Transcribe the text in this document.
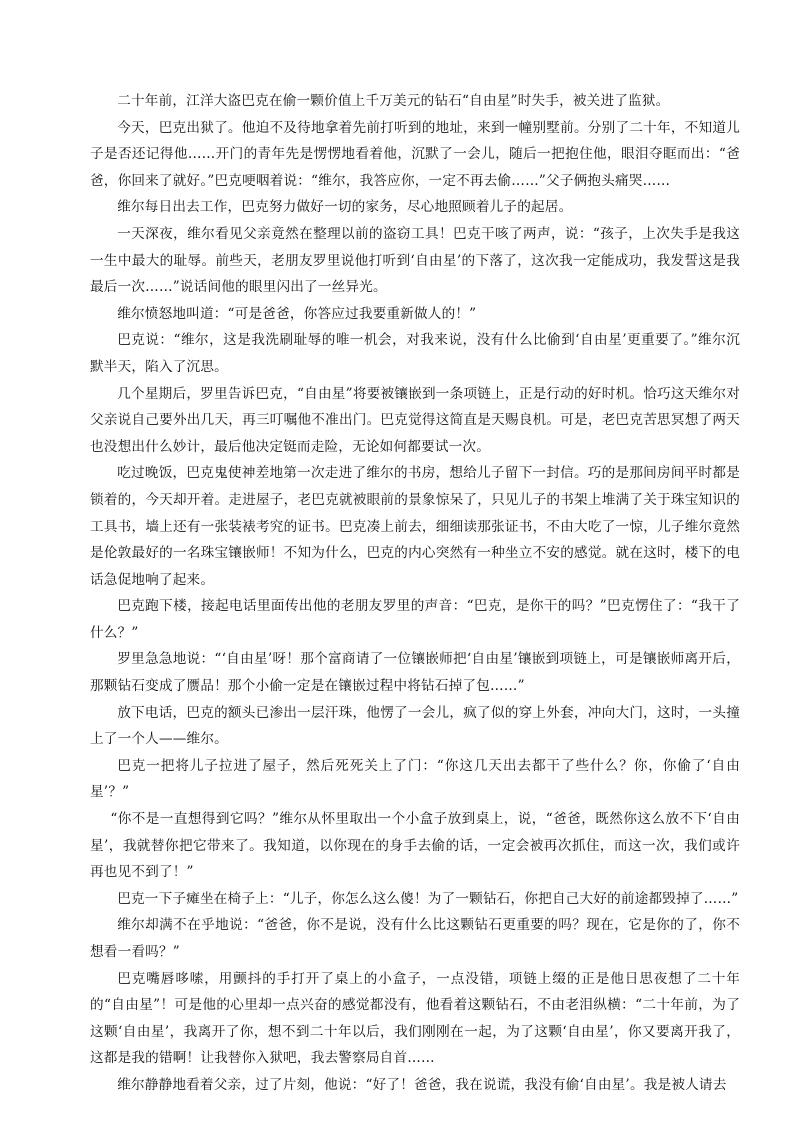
二十年前，江洋大盗巴克在偷一颗价值上千万美元的钻石“自由星”时失手，被关进了监狱。

今天，巴克出狱了。他迫不及待地拿着先前打听到的地址，来到一幢别墅前。分别了二十年，不知道儿子是否还记得他……开门的青年先是愣愣地看着他，沉默了一会儿，随后一把抱住他，眼泪夺眶而出：“爸爸，你回来了就好。”巴克哽咽着说：“维尔，我答应你，一定不再去偷……”父子俩抱头痛哭……

维尔每日出去工作，巴克努力做好一切的家务，尽心地照顾着儿子的起居。

一天深夜，维尔看见父亲竟然在整理以前的盗窃工具！巴克干咳了两声，说：“孩子，上次失手是我这一生中最大的耻辱。前些天，老朋友罗里说他打听到‘自由星’的下落了，这次我一定能成功，我发誓这是我最后一次……”说话间他的眼里闪出了一丝异光。

维尔愤怒地叫道：“可是爸爸，你答应过我要重新做人的！”

巴克说：“维尔，这是我洗刷耻辱的唯一机会，对我来说，没有什么比偷到‘自由星’更重要了。”维尔沉默半天，陷入了沉思。

几个星期后，罗里告诉巴克，“自由星”将要被镶嵌到一条项链上，正是行动的好时机。恰巧这天维尔对父亲说自己要外出几天，再三叮嘱他不准出门。巴克觉得这简直是天赐良机。可是，老巴克苦思冥想了两天也没想出什么妙计，最后他决定铤而走险，无论如何都要试一次。

吃过晚饭，巴克鬼使神差地第一次走进了维尔的书房，想给儿子留下一封信。巧的是那间房间平时都是锁着的，今天却开着。走进屋子，老巴克就被眼前的景象惊呆了，只见儿子的书架上堆满了关于珠宝知识的工具书，墙上还有一张装裱考究的证书。巴克凑上前去，细细读那张证书，不由大吃了一惊，儿子维尔竟然是伦敦最好的一名珠宝镶嵌师！不知为什么，巴克的内心突然有一种坐立不安的感觉。就在这时，楼下的电话急促地响了起来。

巴克跑下楼，接起电话里面传出他的老朋友罗里的声音：“巴克，是你干的吗？”巴克愣住了：“我干了什么？”

罗里急急地说：“‘自由星’呀！那个富商请了一位镶嵌师把‘自由星’镶嵌到项链上，可是镶嵌师离开后，那颗钻石变成了赝品！那个小偷一定是在镶嵌过程中将钻石掉了包……”

放下电话，巴克的额头已渗出一层汗珠，他愣了一会儿，疯了似的穿上外套，冲向大门，这时，一头撞上了一个人——维尔。

巴克一把将儿子拉进了屋子，然后死死关上了门：“你这几天出去都干了些什么？你，你偷了‘自由星’？”

“你不是一直想得到它吗？”维尔从怀里取出一个小盒子放到桌上，说，“爸爸，既然你这么放不下‘自由星’，我就替你把它带来了。我知道，以你现在的身手去偷的话，一定会被再次抓住，而这一次，我们或许再也见不到了！”

巴克一下子瘫坐在椅子上：“儿子，你怎么这么傻！为了一颗钻石，你把自己大好的前途都毁掉了……”

维尔却满不在乎地说：“爸爸，你不是说，没有什么比这颗钻石更重要的吗？现在，它是你的了，你不想看一看吗？”

巴克嘴唇哆嗦，用颤抖的手打开了桌上的小盒子，一点没错，项链上缀的正是他日思夜想了二十年的“自由星”！可是他的心里却一点兴奋的感觉都没有，他看着这颗钻石，不由老泪纵横：“二十年前，为了这颗‘自由星’，我离开了你，想不到二十年以后，我们刚刚在一起，为了这颗‘自由星’，你又要离开我了，这都是我的错啊！让我替你入狱吧，我去警察局自首……

维尔静静地看着父亲，过了片刻，他说：“好了！爸爸，我在说谎，我没有偷‘自由星’。我是被人请去
